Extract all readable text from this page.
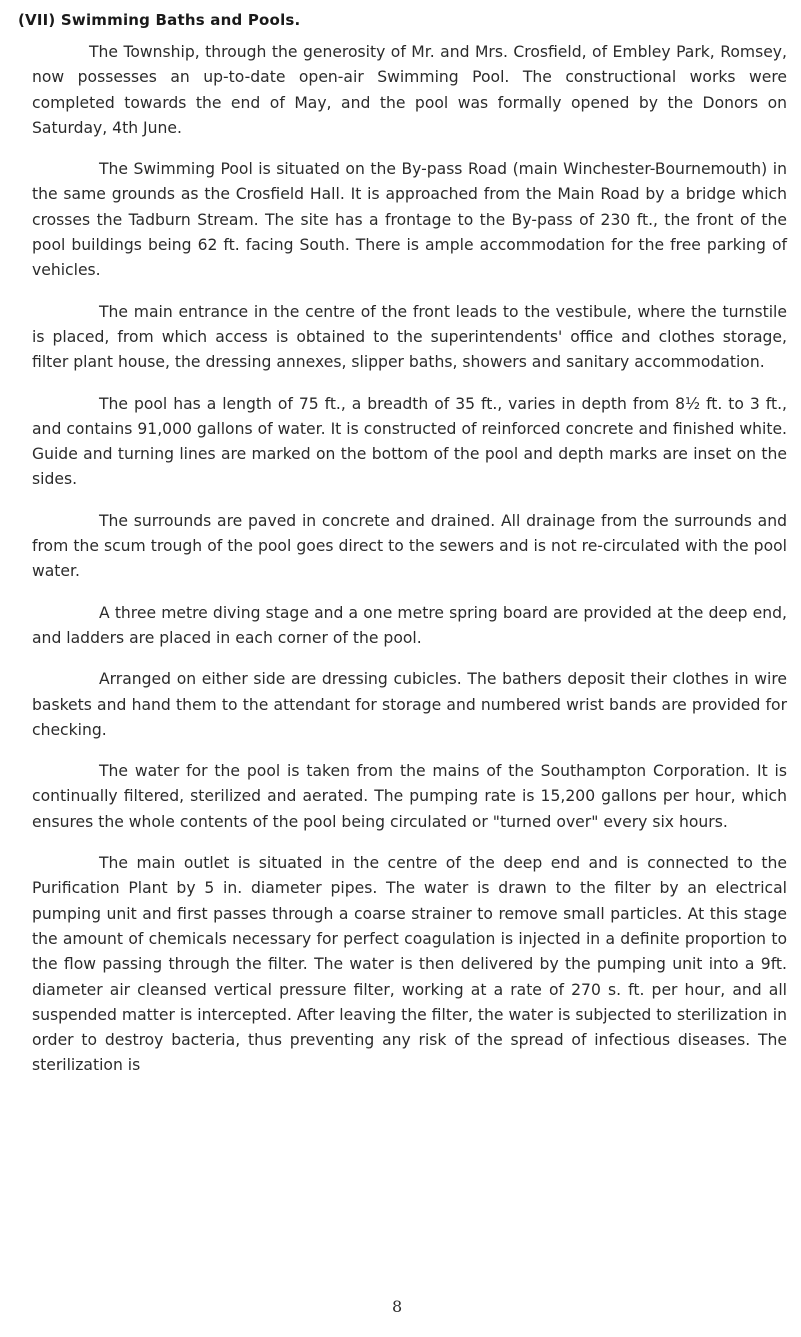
(VII) Swimming Baths and Pools.

The Township, through the generosity of Mr. and Mrs. Crosfield, of Embley Park, Romsey, now possesses an up-to-date open-air Swimming Pool. The constructional works were completed towards the end of May, and the pool was formally opened by the Donors on Saturday, 4th June.

The Swimming Pool is situated on the By-pass Road (main Winchester-Bournemouth) in the same grounds as the Crosfield Hall. It is approached from the Main Road by a bridge which crosses the Tadburn Stream. The site has a frontage to the By-pass of 230 ft., the front of the pool buildings being 62 ft. facing South. There is ample accommodation for the free parking of vehicles.

The main entrance in the centre of the front leads to the vestibule, where the turnstile is placed, from which access is obtained to the superintendents' office and clothes storage, filter plant house, the dressing annexes, slipper baths, showers and sanitary accommodation.

The pool has a length of 75 ft., a breadth of 35 ft., varies in depth from 8½ ft. to 3 ft., and contains 91,000 gallons of water. It is constructed of reinforced concrete and finished white. Guide and turning lines are marked on the bottom of the pool and depth marks are inset on the sides.

The surrounds are paved in concrete and drained. All drainage from the surrounds and from the scum trough of the pool goes direct to the sewers and is not re-circulated with the pool water.

A three metre diving stage and a one metre spring board are provided at the deep end, and ladders are placed in each corner of the pool.

Arranged on either side are dressing cubicles. The bathers deposit their clothes in wire baskets and hand them to the attendant for storage and numbered wrist bands are provided for checking.

The water for the pool is taken from the mains of the Southampton Corporation. It is continually filtered, sterilized and aerated. The pumping rate is 15,200 gallons per hour, which ensures the whole contents of the pool being circulated or "turned over" every six hours.

The main outlet is situated in the centre of the deep end and is connected to the Purification Plant by 5 in. diameter pipes. The water is drawn to the filter by an electrical pumping unit and first passes through a coarse strainer to remove small particles. At this stage the amount of chemicals necessary for perfect coagulation is injected in a definite proportion to the flow passing through the filter. The water is then delivered by the pumping unit into a 9ft. diameter air cleansed vertical pressure filter, working at a rate of 270 s. ft. per hour, and all suspended matter is intercepted. After leaving the filter, the water is subjected to sterilization in order to destroy bacteria, thus preventing any risk of the spread of infectious diseases. The sterilization is

8
